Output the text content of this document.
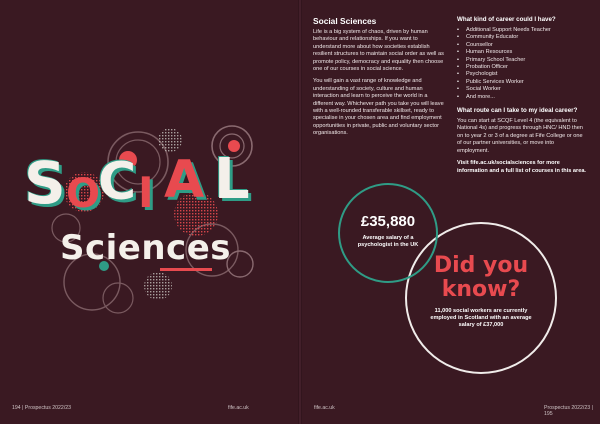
S O
C I A L
Sciences
194 | Prospectus 2022/23	fife.ac.uk
Social Sciences

Life is a big system of chaos, driven by human behaviour and relationships. If you want to understand more about how societies establish resilient structures to maintain social order as well as promote policy, democracy and equality then choose one of our courses in social science.

You will gain a vast range of knowledge and understanding of society, culture and human interaction and learn to perceive the world in a different way. Whichever path you take you will leave with a well-rounded transferable skillset, ready to specialise in your chosen area and find employment opportunities in private, public and voluntary sector organisations.

What kind of career could I have?
• Additional Support Needs Teacher
• Community Educator
• Counsellor
• Human Resources
• Primary School Teacher
• Probation Officer
• Psychologist
• Public Services Worker
• Social Worker
• And more...
What route can I take to my ideal career?

You can start at SCQF Level 4 (the equivalent to National 4s) and progress through HNC/ HND then on to year 2 or 3 of a degree at Fife College or one of our partner universities, or move into employment.

Visit fife.ac.uk/socialsciences for more information and a full list of courses in this area.

Did you
know?
11,000 social workers are currently employed in Scotland with an average salary of £37,000
£35,880
Average salary of a psychologist in the UK
fife.ac.uk	Prospectus 2022/23 | 195
